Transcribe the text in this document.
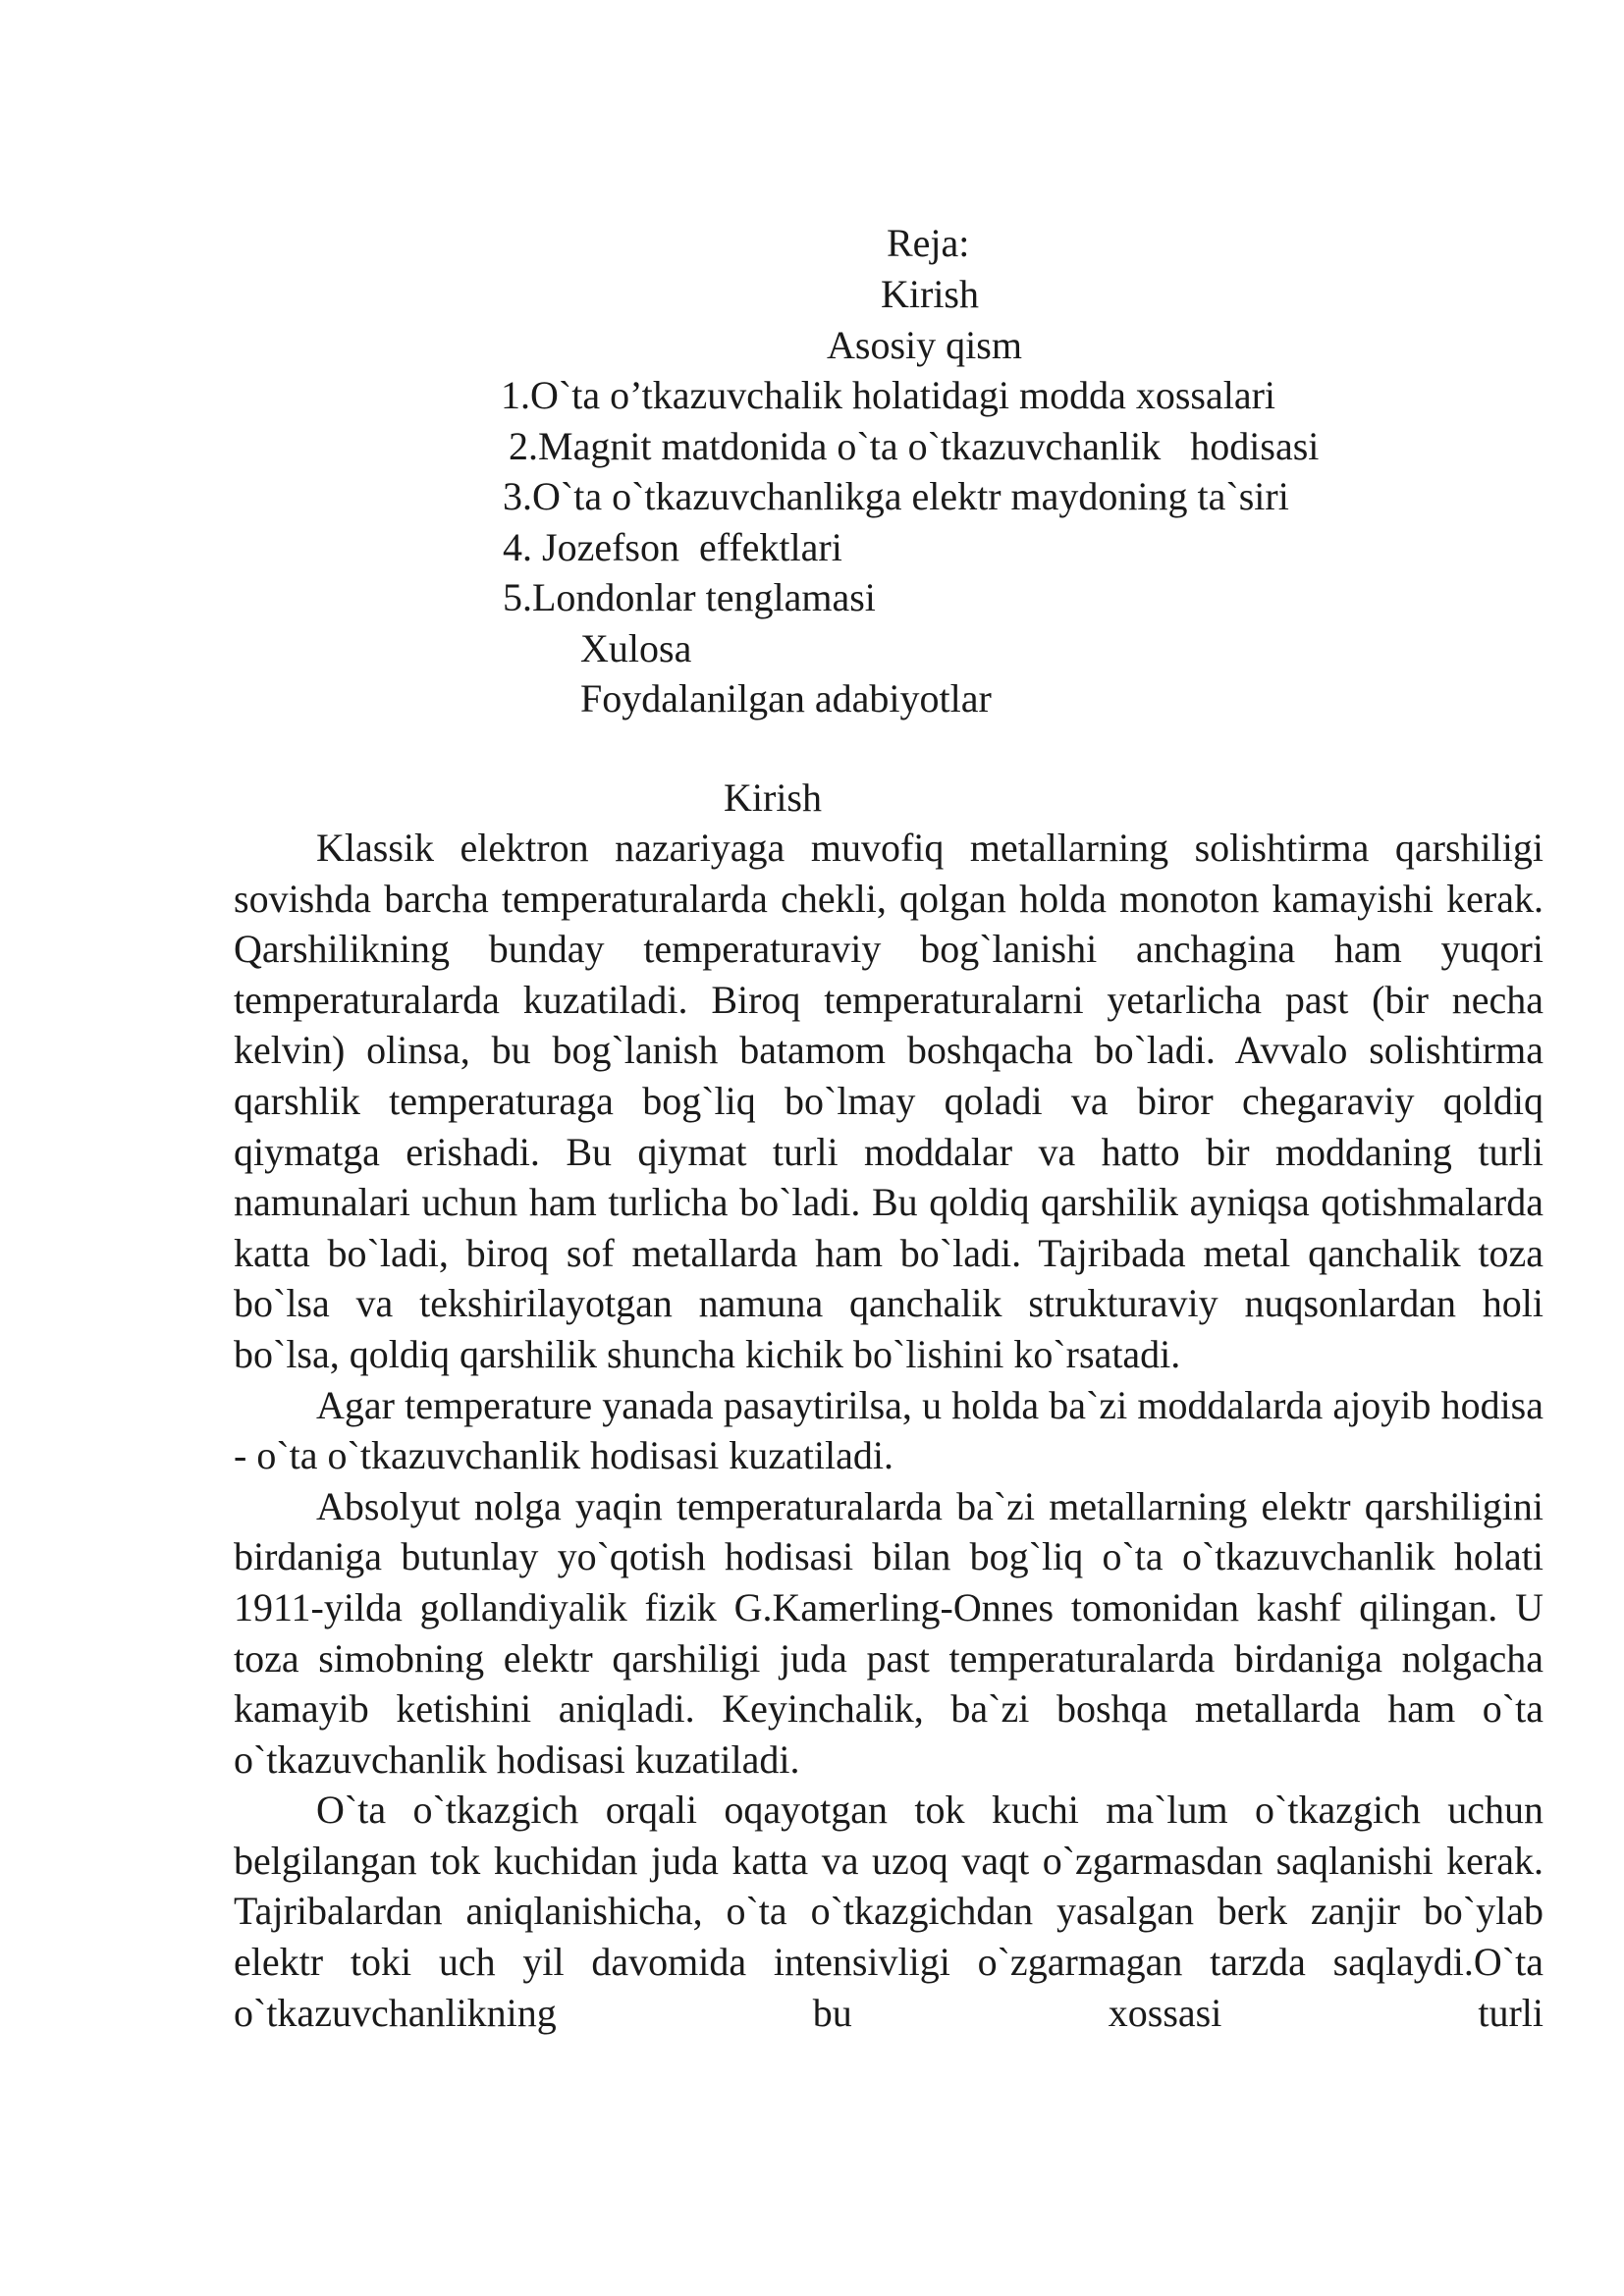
Reja:
Kirish
Asosiy qism
1.O`ta o’tkazuvchalik holatidagi modda xossalari
2.Magnit matdonida o`ta o`tkazuvchanlik   hodisasi
3.O`ta o`tkazuvchanlikga elektr maydoning ta`siri
4. Jozefson  effektlari
5.Londonlar tenglamasi
Xulosa
Foydalanilgan adabiyotlar
Kirish

Klassik elektron nazariyaga muvofiq metallarning solishtirma qarshiligi sovishda barcha temperaturalarda chekli, qolgan holda monoton kamayishi kerak. Qarshilikning bunday temperaturaviy bog`lanishi anchagina ham yuqori temperaturalarda kuzatiladi. Biroq temperaturalarni yetarlicha past (bir necha kelvin) olinsa, bu bog`lanish batamom boshqacha bo`ladi. Avvalo solishtirma qarshlik temperaturaga bog`liq bo`lmay qoladi va biror chegaraviy qoldiq qiymatga erishadi. Bu qiymat turli moddalar va hatto bir moddaning turli namunalari uchun ham turlicha bo`ladi. Bu qoldiq qarshilik ayniqsa qotishmalarda katta bo`ladi, biroq sof metallarda ham bo`ladi. Tajribada metal qanchalik toza bo`lsa va tekshirilayotgan namuna qanchalik strukturaviy nuqsonlardan holi bo`lsa, qoldiq qarshilik shuncha kichik bo`lishini ko`rsatadi.

Agar temperature yanada pasaytirilsa, u holda ba`zi moddalarda ajoyib hodisa - o`ta o`tkazuvchanlik hodisasi kuzatiladi.

Absolyut nolga yaqin temperaturalarda ba`zi metallarning elektr qarshiligini birdaniga butunlay yo`qotish hodisasi bilan bog`liq o`ta o`tkazuvchanlik holati 1911-yilda gollandiyalik fizik G.Kamerling-Onnes tomonidan kashf qilingan. U toza simobning elektr qarshiligi juda past temperaturalarda birdaniga nolgacha kamayib ketishini aniqladi. Keyinchalik, ba`zi boshqa metallarda ham o`ta o`tkazuvchanlik hodisasi kuzatiladi.

O`ta o`tkazgich orqali oqayotgan tok kuchi ma`lum o`tkazgich uchun belgilangan tok kuchidan juda katta va uzoq vaqt o`zgarmasdan saqlanishi kerak. Tajribalardan aniqlanishicha, o`ta o`tkazgichdan yasalgan berk zanjir bo`ylab elektr toki uch yil davomida intensivligi o`zgarmagan tarzda saqlaydi.O`ta o`tkazuvchanlikning bu xossasi turli
